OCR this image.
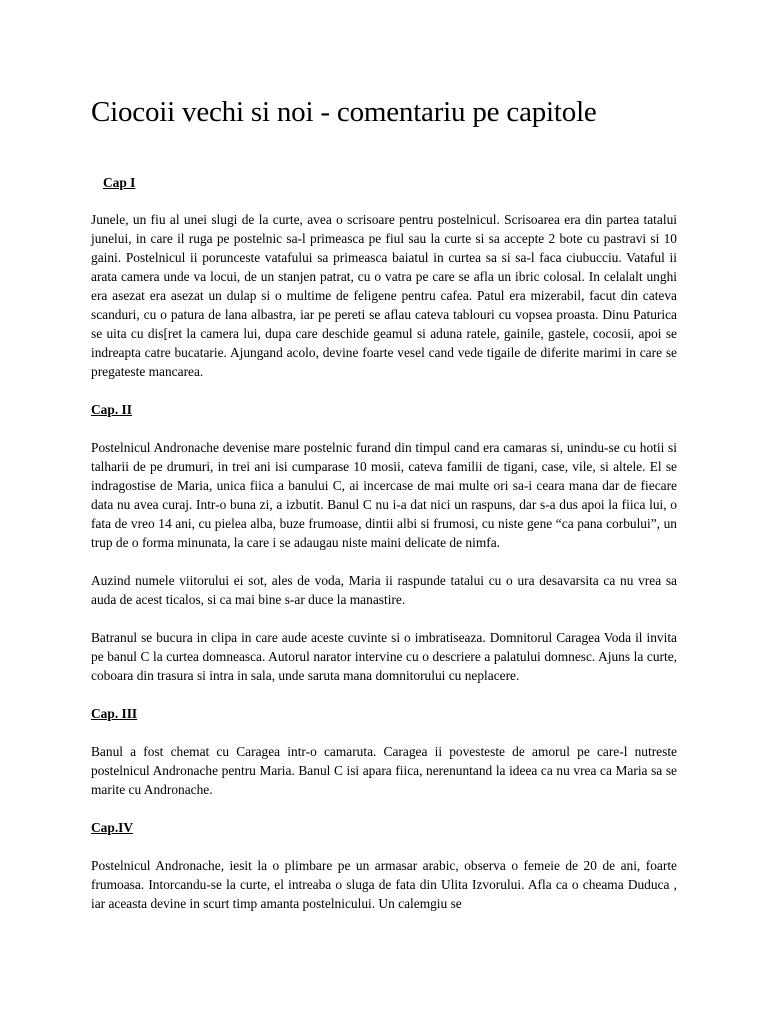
Ciocoii vechi si noi - comentariu pe capitole

Cap I

Junele, un fiu al unei slugi de la curte, avea o scrisoare pentru postelnicul. Scrisoarea era din partea tatalui junelui, in care il ruga pe postelnic sa-l primeasca pe fiul sau la curte si sa accepte 2 bote cu pastravi si 10 gaini. Postelnicul ii porunceste vatafului sa primeasca baiatul in curtea sa si sa-l faca ciubucciu. Vataful ii arata camera unde va locui, de un stanjen patrat, cu o vatra pe care se afla un ibric colosal. In celalalt unghi era asezat era asezat un dulap si o multime de feligene pentru cafea. Patul era mizerabil, facut din cateva scanduri, cu o patura de lana albastra, iar pe pereti se aflau cateva tablouri cu vopsea proasta. Dinu Paturica se uita cu dis[ret la camera lui, dupa care deschide geamul si aduna ratele, gainile, gastele, cocosii, apoi se indreapta catre bucatarie. Ajungand acolo, devine foarte vesel cand vede tigaile de diferite marimi in care se pregateste mancarea.

Cap. II

Postelnicul Andronache devenise mare postelnic furand din timpul cand era camaras si, unindu-se cu hotii si talharii de pe drumuri, in trei ani isi cumparase 10 mosii, cateva familii de tigani, case, vile, si altele. El se indragostise de Maria, unica fiica a banului C, ai incercase de mai multe ori sa-i ceara mana dar de fiecare data nu avea curaj. Intr-o buna zi, a izbutit. Banul C nu i-a dat nici un raspuns, dar s-a dus apoi la fiica lui, o fata de vreo 14 ani, cu pielea alba, buze frumoase, dintii albi si frumosi, cu niste gene “ca pana corbului”, un trup de o forma minunata, la care i se adaugau niste maini delicate de nimfa.

Auzind numele viitorului ei sot, ales de voda, Maria ii raspunde tatalui cu o ura desavarsita ca nu vrea sa auda de acest ticalos, si ca mai bine s-ar duce la manastire.

Batranul se bucura in clipa in care aude aceste cuvinte si o imbratiseaza. Domnitorul Caragea Voda il invita pe banul C la curtea domneasca. Autorul narator intervine cu o descriere a palatului domnesc. Ajuns la curte, coboara din trasura si intra in sala, unde saruta mana domnitorului cu neplacere.

Cap. III

Banul a fost chemat cu Caragea intr-o camaruta. Caragea ii povesteste de amorul pe care-l nutreste postelnicul Andronache pentru Maria. Banul C isi apara fiica, nerenuntand la ideea ca nu vrea ca Maria sa se marite cu Andronache.

Cap.IV

Postelnicul Andronache, iesit la o plimbare pe un armasar arabic, observa o femeie de 20 de ani, foarte frumoasa. Intorcandu-se la curte, el intreaba o sluga de fata din Ulita Izvorului. Afla ca o cheama Duduca , iar aceasta devine in scurt timp amanta postelnicului. Un calemgiu se
